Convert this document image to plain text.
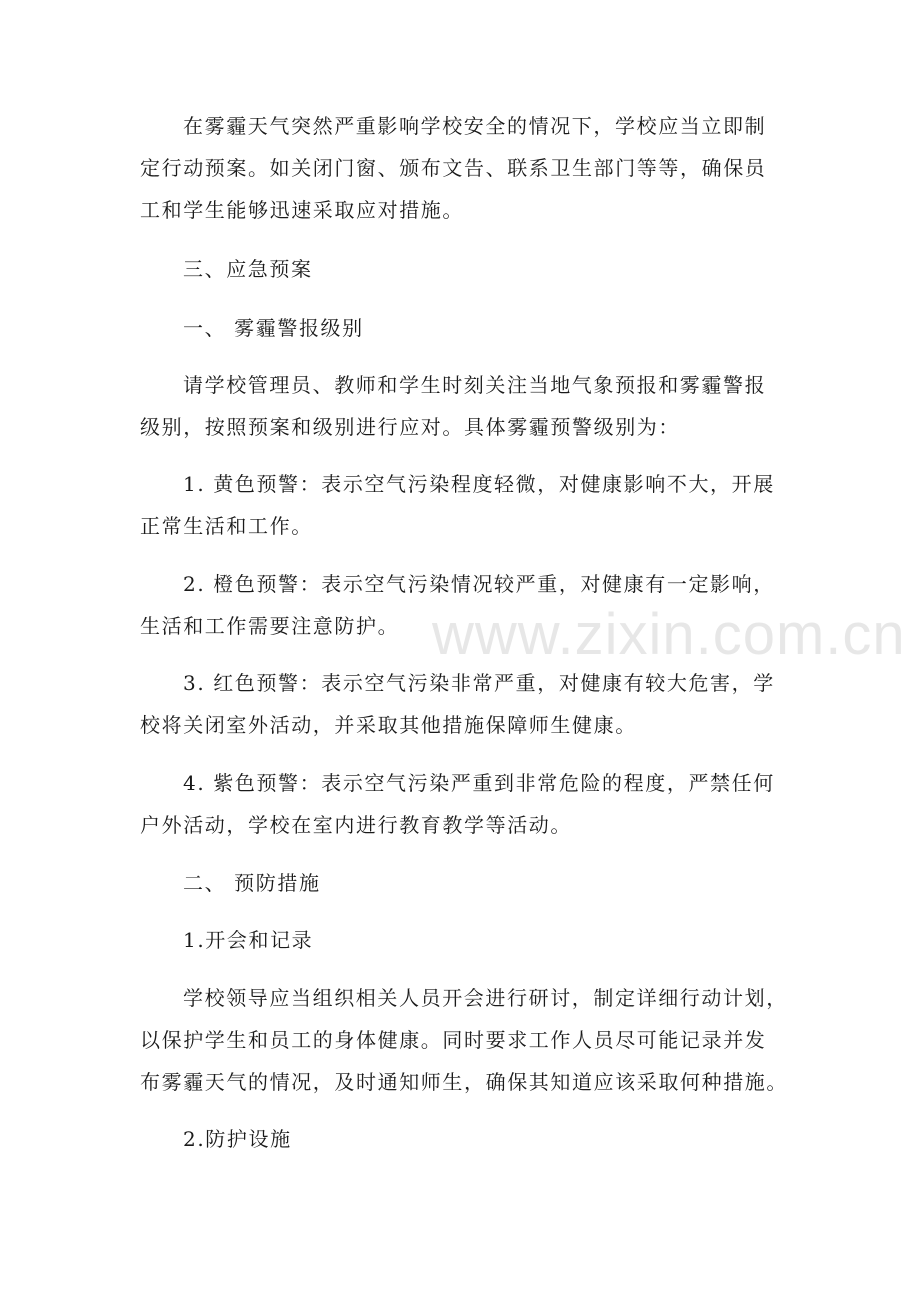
在雾霾天气突然严重影响学校安全的情况下，学校应当立即制
定行动预案。如关闭门窗、颁布文告、联系卫生部门等等，确保员
工和学生能够迅速采取应对措施。
三、应急预案
一、 雾霾警报级别
请学校管理员、教师和学生时刻关注当地气象预报和雾霾警报
级别，按照预案和级别进行应对。具体雾霾预警级别为：
1. 黄色预警：表示空气污染程度轻微，对健康影响不大，开展
正常生活和工作。
2. 橙色预警：表示空气污染情况较严重，对健康有一定影响，
生活和工作需要注意防护。
3. 红色预警：表示空气污染非常严重，对健康有较大危害，学
校将关闭室外活动，并采取其他措施保障师生健康。
4. 紫色预警：表示空气污染严重到非常危险的程度，严禁任何
户外活动，学校在室内进行教育教学等活动。
二、 预防措施
1.开会和记录
学校领导应当组织相关人员开会进行研讨，制定详细行动计划，
以保护学生和员工的身体健康。同时要求工作人员尽可能记录并发
布雾霾天气的情况，及时通知师生，确保其知道应该采取何种措施。
2.防护设施
www.zixin.com.cn
